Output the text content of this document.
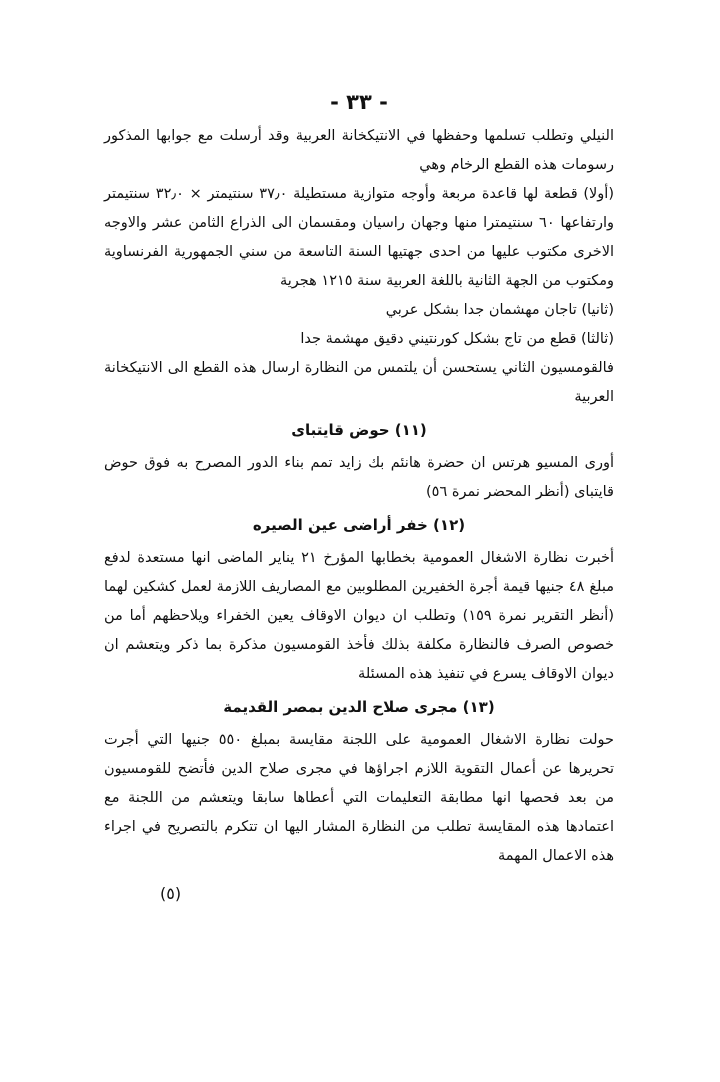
- ٣٣ -

النيلي وتطلب تسلمها وحفظها في الانتيكخانة العربية وقد أرسلت مع جوابها المذكور رسومات هذه القطع الرخام وهي

(أولا) قطعة لها قاعدة مربعة وأوجه متوازية مستطيلة ٣٧٫٠ سنتيمتر × ٣٢٫٠ سنتيمتر وارتفاعها ٦٠ سنتيمترا منها وجهان راسيان ومقسمان الى الذراع الثامن عشر والاوجه الاخرى مكتوب عليها من احدى جهتيها السنة التاسعة من سني الجمهورية الفرنساوية ومكتوب من الجهة الثانية باللغة العربية سنة ١٢١٥ هجرية

(ثانيا) تاجان مهشمان جدا بشكل عربي

(ثالثا) قطع من تاج بشكل كورنتيني دقيق مهشمة جدا

فالقومسيون الثاني يستحسن أن يلتمس من النظارة ارسال هذه القطع الى الانتيكخانة العربية

(١١) حوض قايتباى

أورى المسيو هرتس ان حضرة هانئم بك زايد تمم بناء الدور المصرح به فوق حوض قايتباى (أنظر المحضر نمرة ٥٦)

(١٢) خفر أراضى عين الصيره

أخبرت نظارة الاشغال العمومية بخطابها المؤرخ ٢١ يناير الماضى انها مستعدة لدفع مبلغ ٤٨ جنيها قيمة أجرة الخفيرين المطلوبين مع المصاريف اللازمة لعمل كشكين لهما (أنظر التقرير نمرة ١٥٩) وتطلب ان ديوان الاوقاف يعين الخفراء ويلاحظهم أما من خصوص الصرف فالنظارة مكلفة بذلك فأخذ القومسيون مذكرة بما ذكر ويتعشم ان ديوان الاوقاف يسرع في تنفيذ هذه المسئلة

(١٣) مجرى صلاح الدين بمصر القديمة

حولت نظارة الاشغال العمومية على اللجنة مقايسة بمبلغ ٥٥٠ جنيها التي أجرت تحريرها عن أعمال التقوية اللازم اجراؤها في مجرى صلاح الدين فأتضح للقومسيون من بعد فحصها انها مطابقة التعليمات التي أعطاها سابقا ويتعشم من اللجنة مع اعتمادها هذه المقايسة تطلب من النظارة المشار اليها ان تتكرم بالتصريح في اجراء هذه الاعمال المهمة

(٥)
